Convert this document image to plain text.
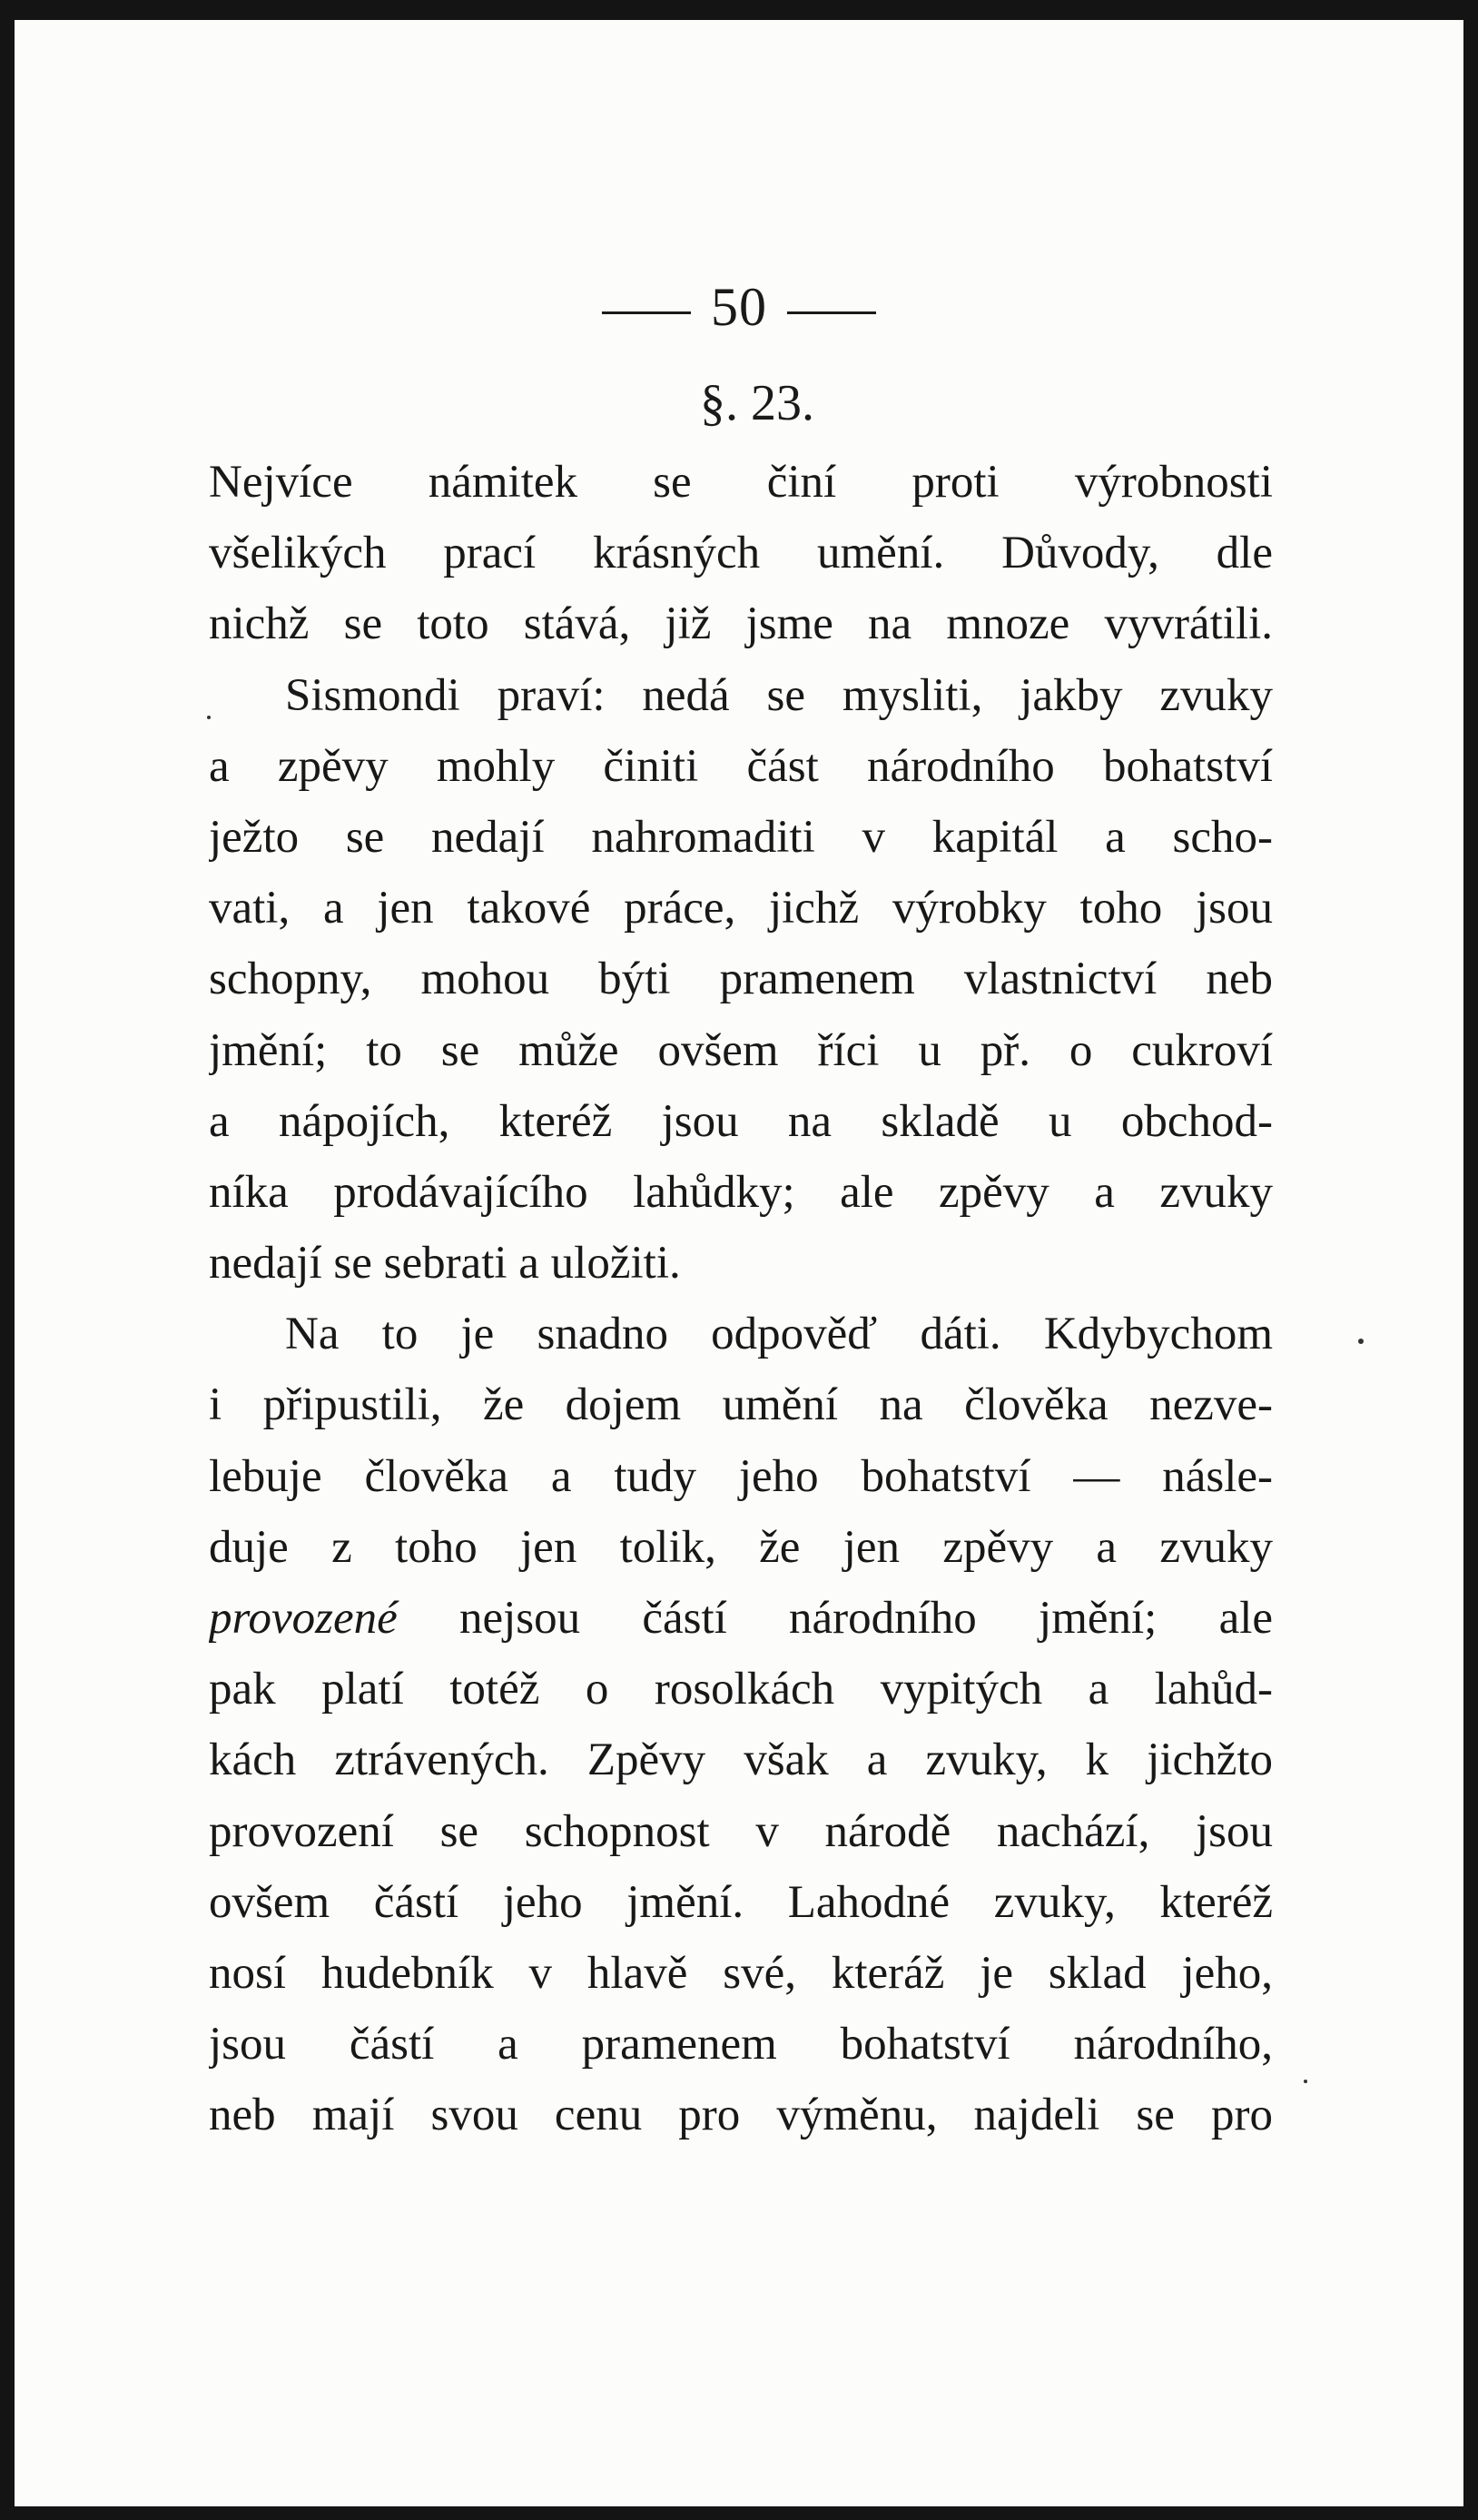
50
§. 23.
Nejvíce námitek se činí proti výrobnosti
všelikých prací krásných umění. Důvody, dle
nichž se toto stává, již jsme na mnoze vyvrátili.
Sismondi praví: nedá se mysliti, jakby zvuky
a zpěvy mohly činiti část národního bohatství
ježto se nedají nahromaditi v kapitál a scho-
vati, a jen takové práce, jichž výrobky toho jsou
schopny, mohou býti pramenem vlastnictví neb
jmění; to se může ovšem říci u př. o cukroví
a nápojích, kteréž jsou na skladě u obchod-
níka prodávajícího lahůdky; ale zpěvy a zvuky
nedají se sebrati a uložiti.
Na to je snadno odpověď dáti. Kdybychom
i připustili, že dojem umění na člověka nezve-
lebuje člověka a tudy jeho bohatství — násle-
duje z toho jen tolik, že jen zpěvy a zvuky
provozené nejsou částí národního jmění; ale
pak platí totéž o rosolkách vypitých a lahůd-
kách ztrávených. Zpěvy však a zvuky, k jichžto
provození se schopnost v národě nachází, jsou
ovšem částí jeho jmění. Lahodné zvuky, kteréž
nosí hudebník v hlavě své, kteráž je sklad jeho,
jsou částí a pramenem bohatství národního,
neb mají svou cenu pro výměnu, najdeli se pro
